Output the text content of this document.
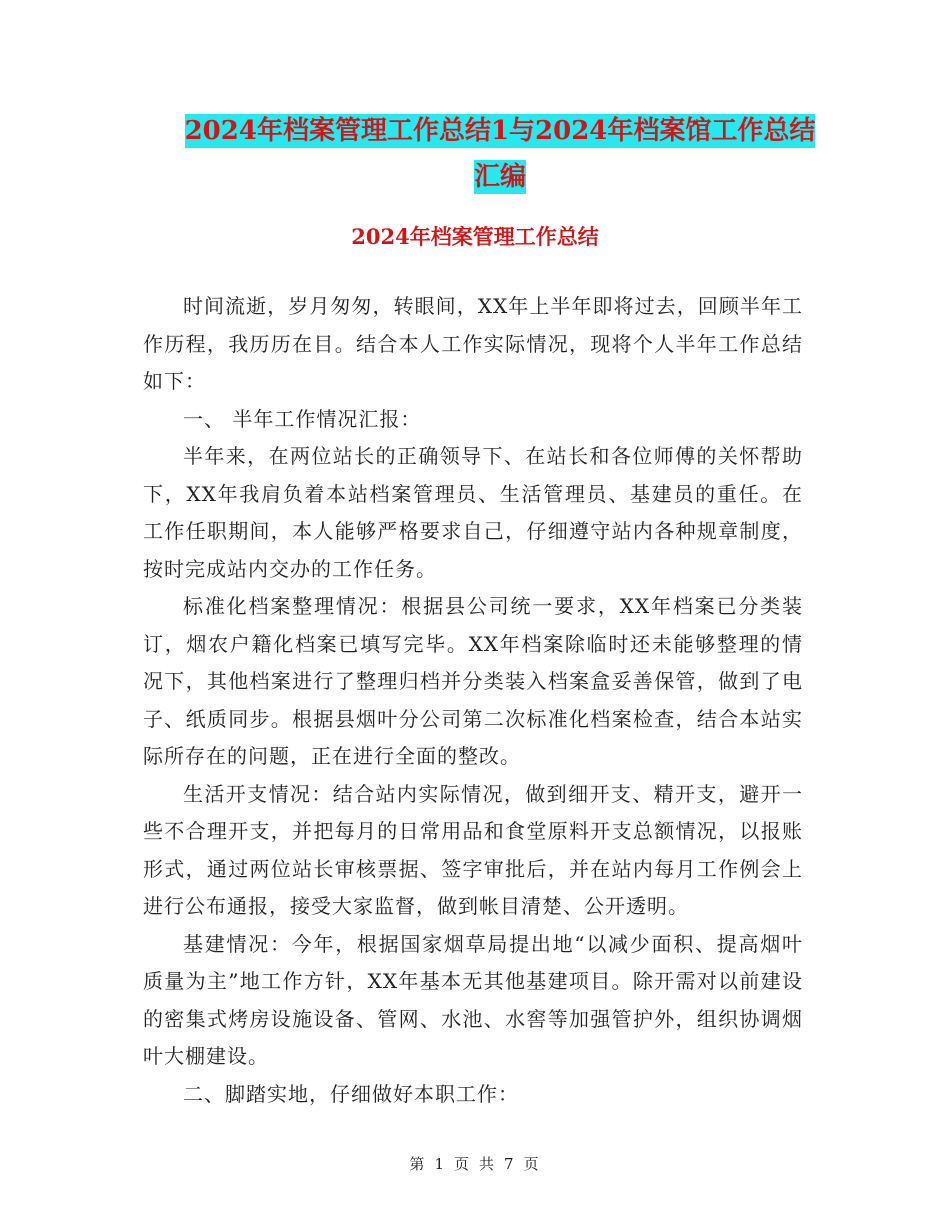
2024年档案管理工作总结1与2024年档案馆工作总结
汇编
2024年档案管理工作总结

时间流逝，岁月匆匆，转眼间，XX年上半年即将过去，回顾半年工作历程，我历历在目。结合本人工作实际情况，现将个人半年工作总结如下：

一、 半年工作情况汇报：

半年来，在两位站长的正确领导下、在站长和各位师傅的关怀帮助下，XX年我肩负着本站档案管理员、生活管理员、基建员的重任。在工作任职期间，本人能够严格要求自己，仔细遵守站内各种规章制度，按时完成站内交办的工作任务。

标准化档案整理情况：根据县公司统一要求，XX年档案已分类装订，烟农户籍化档案已填写完毕。XX年档案除临时还未能够整理的情况下，其他档案进行了整理归档并分类装入档案盒妥善保管，做到了电子、纸质同步。根据县烟叶分公司第二次标准化档案检查，结合本站实际所存在的问题，正在进行全面的整改。

生活开支情况：结合站内实际情况，做到细开支、精开支，避开一些不合理开支，并把每月的日常用品和食堂原料开支总额情况，以报账形式，通过两位站长审核票据、签字审批后，并在站内每月工作例会上进行公布通报，接受大家监督，做到帐目清楚、公开透明。

基建情况：今年，根据国家烟草局提出地“以减少面积、提高烟叶质量为主”地工作方针，XX年基本无其他基建项目。除开需对以前建设的密集式烤房设施设备、管网、水池、水窖等加强管护外，组织协调烟叶大棚建设。

二、脚踏实地，仔细做好本职工作：

第 1 页 共 7 页
